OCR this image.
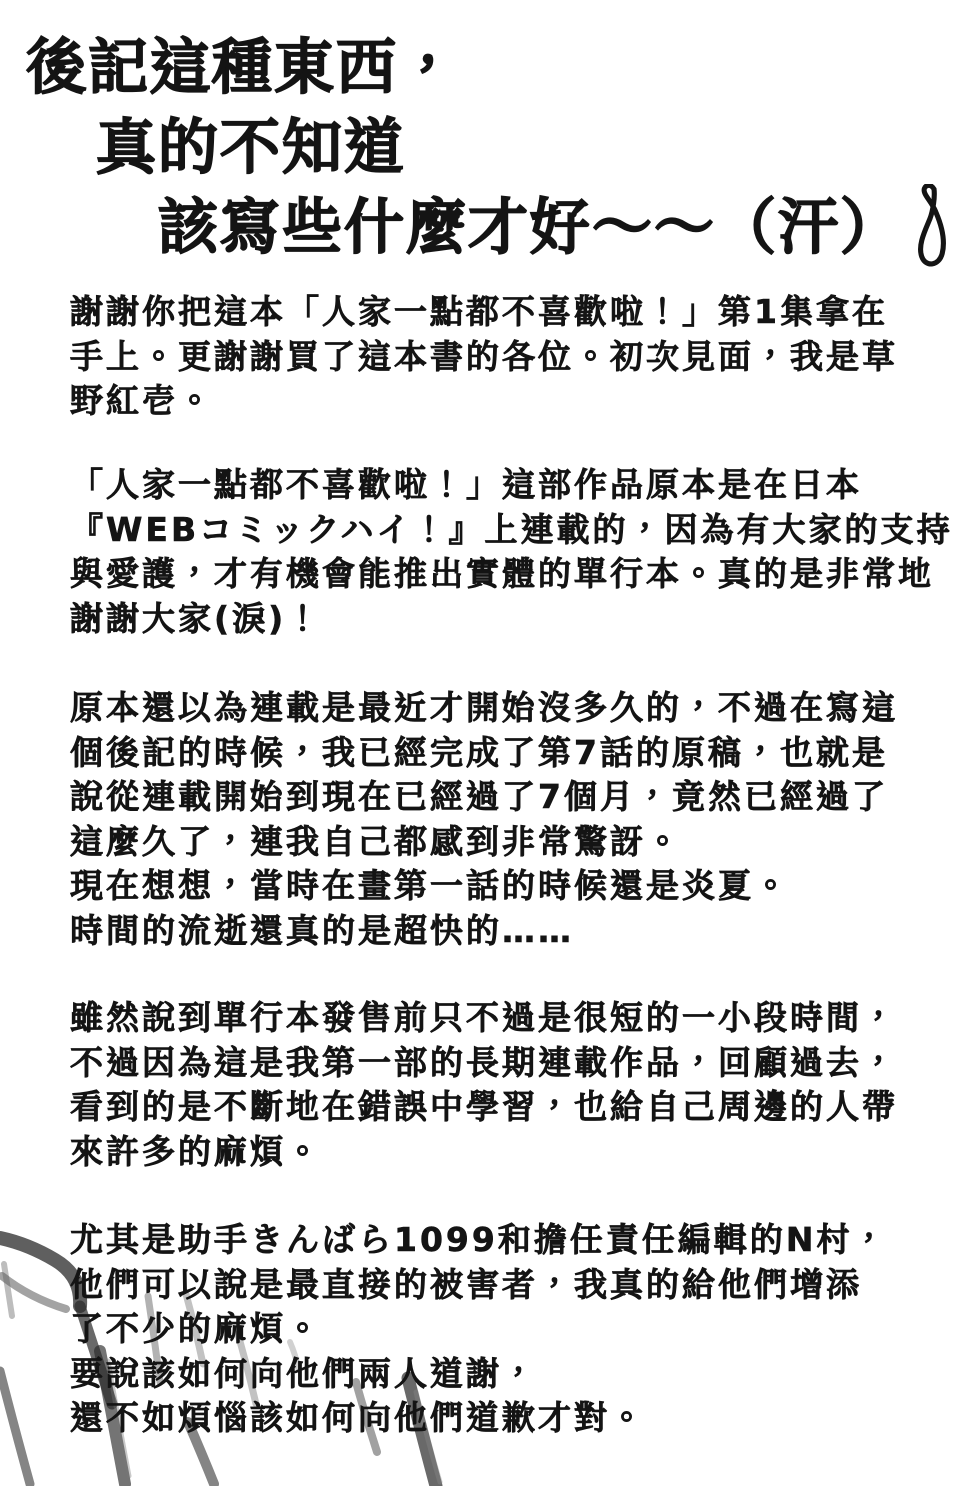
後記這種東西，
真的不知道
該寫些什麼才好～～（汗）
謝謝你把這本「人家一點都不喜歡啦！」第1集拿在
手上。更謝謝買了這本書的各位。初次見面，我是草
野紅壱。
「人家一點都不喜歡啦！」這部作品原本是在日本
『WEBコミックハイ！』上連載的，因為有大家的支持
與愛護，才有機會能推出實體的單行本。真的是非常地
謝謝大家(淚)！
原本還以為連載是最近才開始沒多久的，不過在寫這
個後記的時候，我已經完成了第7話的原稿，也就是
說從連載開始到現在已經過了7個月，竟然已經過了
這麼久了，連我自己都感到非常驚訝。
現在想想，當時在畫第一話的時候還是炎夏。
時間的流逝還真的是超快的……
雖然說到單行本發售前只不過是很短的一小段時間，
不過因為這是我第一部的長期連載作品，回顧過去，
看到的是不斷地在錯誤中學習，也給自己周邊的人帶
來許多的麻煩。
尤其是助手きんばら1099和擔任責任編輯的N村，
他們可以說是最直接的被害者，我真的給他們增添
了不少的麻煩。
要說該如何向他們兩人道謝，
還不如煩惱該如何向他們道歉才對。
